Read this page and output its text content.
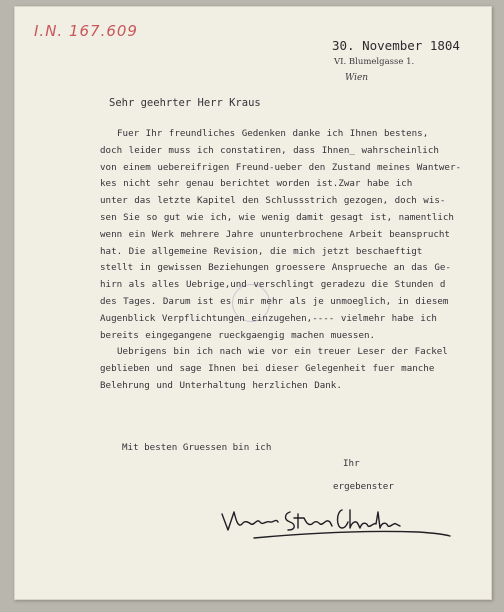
I.N. 167.609
30. November 1804
VI. Blumelgasse 1.
Wien
Sehr geehrter Herr Kraus
Fuer Ihr freundliches Gedenken danke ich Ihnen bestens,
doch leider muss ich constatiren, dass Ihnen_ wahrscheinlich
von einem uebereifrigen Freund-ueber den Zustand meines Wantwer-
kes nicht sehr genau berichtet worden ist.Zwar habe ich
unter das letzte Kapitel den Schlussstrich gezogen, doch wis-
sen Sie so gut wie ich, wie wenig damit gesagt ist, namentlich
wenn ein Werk mehrere Jahre ununterbrochene Arbeit beansprucht
hat. Die allgemeine Revision, die mich jetzt beschaeftigt
stellt in gewissen Beziehungen groessere Ansprueche an das Ge-
hirn als alles Uebrige,und verschlingt geradezu die Stunden d
des Tages. Darum ist es mir mehr als je unmoeglich, in diesem
Augenblick Verpflichtungen einzugehen,---- vielmehr habe ich
bereits eingegangene rueckgaengig machen muessen.
Uebrigens bin ich nach wie vor ein treuer Leser der Fackel
geblieben und sage Ihnen bei dieser Gelegenheit fuer manche
Belehrung und Unterhaltung herzlichen Dank.
Mit besten Gruessen bin ich
Ihr
ergebenster
